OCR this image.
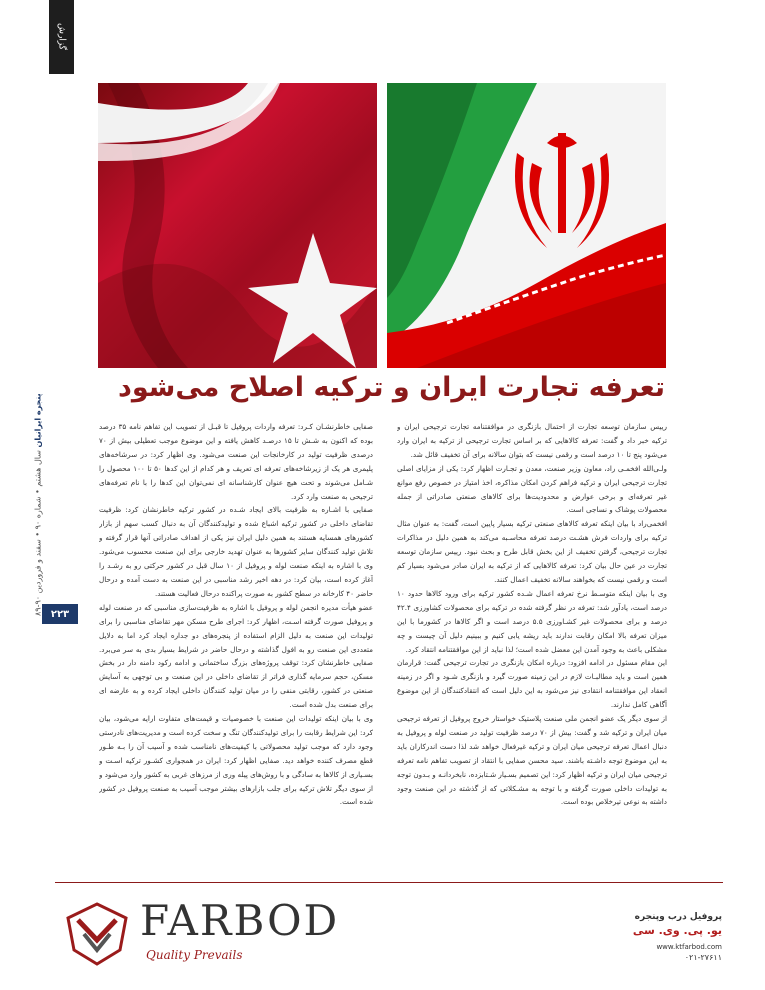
گزارش
تعرفه تجارت ایران و ترکیه اصلاح می‌شود
پنجره ایرانیان سال هشتم • شماره ۹۰ • سفند و فروردین ۹۰-۸۹
۲۲۳

رییس سازمان توسعه تجارت از احتمال بازنگری در موافقتنامه تجارت ترجیحی ایران و ترکیه خبر داد و گفت: تعرفه کالاهایی که بر اساس تجارت ترجیحی از ترکیه به ایران وارد می‌شود پنج تا ۱۰ درصد است و رقمی نیست که بتوان سالانه برای آن تخفیف قائل شد.

ولـی‌الله افخمـی راد، معاون وزیر صنعت، معدن و تجـارت اظهار کرد: یکی از مزایای اصلی تجارت ترجیحی ایران و ترکیه فراهم کردن امکان مذاکره، اخذ امتیاز در خصوص رفع موانع غیر تعرفه‌ای و برخی عوارض و محدودیت‌ها برای کالاهای صنعتی صادراتی از جمله محصولات پوشاک و نساجی است.

افخمی‌راد با بیان اینکه تعرفه کالاهای صنعتی ترکیه بسیار پایین است، گفت: به عنوان مثال ترکیه برای واردات فرش هشـت درصد تعرفه محاسـبه می‌کند به همین دلیل در مذاکرات تجارت ترجیحی، گرفتن تخفیف از این بخش قابل طرح و بحث نبود. رییس سازمان توسعه تجارت در عین حال بیان کرد: تعرفه کالاهایی که از ترکیه به ایران صادر می‌شود بسیار کم است و رقمی نیست که بخواهند سالانه تخفیف اعمال کنند.

وی با بیان اینکه متوسـط نرخ تعرفه اعمال شـده کشور ترکیه برای ورود کالاها حدود ۱۰ درصد است، یادآور شد: تعرفه در نظر گرفته شده در ترکیه برای محصولات کشاورزی ۴۲.۴ درصد و برای محصولات غیر کشـاورزی ۵.۵ درصد است و اگر کالاها در کشورما با این میزان تعرفه بالا امکان رقابت ندارند باید ریشه یابی کنیم و ببینیم دلیل آن چیست و چه مشکلی باعث به وجود آمدن این معضل شده است؛ لذا نباید از این موافقتنامه انتقاد کرد.

این مقام مسئول در ادامه افزود: درباره امکان بازنگری در تجارت ترجیحی گفت: قرارمان همین است و باید مطالبـات لازم در این زمینه صورت گیرد و بازنگری شـود و اگر در زمینه انعقاد این موافقتنامه انتقادی نیز می‌شود به این دلیل است که انتقادکنندگان از این موضوع آگاهی کامل ندارند.

از سوی دیگر یک عضو انجمن ملی صنعت پلاستیک خواستار خروج پروفیل از تعرفه ترجیحی میان ایران و ترکیه شد و گفت: بیش از ۷۰ درصد ظرفیت تولید در صنعت لوله و پروفیل به دنبال اعمال تعرفه ترجیحی میان ایران و ترکیه غیرفعال خواهد شد لذا دست اندرکاران باید به این موضوع توجه داشـته باشند. سید محسن صفایی با انتقاد از تصویب تفاهم نامه تعرفه ترجیحی میان ایران و ترکیه اظهار کرد: این تصمیم بسـیار شـتابزده، نابخردانـه و بـدون توجه به تولیدات داخلی صورت گرفته و با توجه به مشـکلاتی که از گذشته در این صنعت وجود داشته به نوعی تیرخلاص بوده است.

صفایی خاطرنشـان کـرد: تعرفه واردات پروفیل تا قبـل از تصویب این تفاهم نامه ۳۵ درصد بوده که اکنون به شـش تا ۱۵ درصـد کاهش یافته و این موضوع موجب تعطیلی بیش از ۷۰ درصدی ظرفیت تولید در کارخانجات این صنعت می‌شود. وی اظهار کرد: در سرشاخه‌های پلیمری هر یک از زیرشاخه‌های تعرفه ای تعریف و هر کدام از این کدها ۵۰ تا ۱۰۰ محصول را شـامل می‌شوند و تحت هیچ عنوان کارشناسانه ای نمی‌توان این کدها را با نام تعرفه‌های ترجیحی به صنعت وارد کرد.

صفایی با اشـاره به ظرفیت بالای ایجاد شـده در کشور ترکیه خاطرنشان کرد: ظرفیت تقاضای داخلی در کشور ترکیه اشباع شده و تولیدکنندگان آن به دنبال کسب سهم از بازار کشورهای همسایه هستند به همین دلیل ایران نیز یکی از اهداف صادراتی آنها قرار گرفته و تلاش تولید کنندگان سایر کشورها به عنوان تهدید خارجی برای این صنعت محسوب می‌شود. وی با اشاره به اینکه صنعت لوله و پروفیل از ۱۰ سال قبل در کشور حرکتی رو به رشـد را آغاز کرده است، بیان کرد: در دهه اخیر رشد مناسبی در این صنعت به دست آمده و درحال حاضر ۴۰ کارخانه در سطح کشور به صورت پراکنده درحال فعالیت هستند.

عضو هیأت مدیره انجمن لوله و پروفیل با اشاره به ظرفیت‌سازی مناسبی که در صنعت لوله و پروفیل صورت گرفته اسـت، اظهار کرد: اجرای طرح مسکن مهر تقاضای مناسبی را برای تولیدات این صنعت به دلیل الزام استفاده از پنجره‌های دو جداره ایجاد کرد اما به دلایل متعددی این صنعت رو به افول گذاشته و درحال حاضر در شرایط بسیار بدی به سر می‌برد. صفایی خاطرنشان کرد: توقف پروژه‌های بزرگ ساختمانی و ادامه رکود دامنه دار در بخش مسکن، حجم سرمایه گذاری فراتر از تقاضای داخلی در این صنعت و بی توجهی به آسایش صنعتی در کشور، رقابتی منفی را در میان تولید کنندگان داخلی ایجاد کرده و به عارضه ای برای صنعت بدل شده است.

وی با بیان اینکه تولیدات این صنعت با خصوصیات و قیمت‌های متفاوت ارایه می‌شود، بیان کرد: این شرایط رقابت را برای تولیدکنندگان تنگ و سخت کرده است و مدیریت‌های نادرستی وجود دارد که موجب تولید محصولاتی با کیفیت‌های نامناسب شده و آسیب آن را بـه طـور قطع مصرف کننده خواهد دید. صفایی اظهار کرد: ایران در همجواری کشـور ترکیه اسـت و بسـیاری از کالاها به سادگی و با روش‌های پیله وری از مرزهای غربی به کشور وارد می‌شود و از سوی دیگر تلاش ترکیه برای جلب بازارهای بیشتر موجب آسیب به صنعت پروفیل در کشور شده است.

FARBOD
Quality Prevails
پروفیل درب وپنجره
یو. پی. وی. سی
www.ktfarbod.com
۰۲۱-۲۷۶۱۱
